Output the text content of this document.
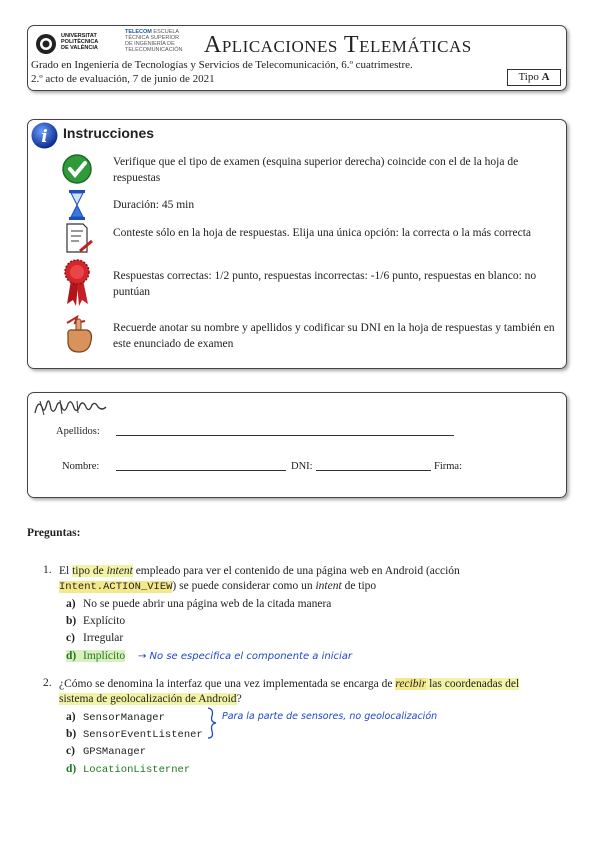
UNIVERSITAT
POLITÈCNICA
DE VALÈNCIA
TELECOM ESCUELA
TÉCNICA SUPERIOR
DE INGENIERÍA DE
TELECOMUNICACIÓN Aplicaciones Telemáticas
Grado en Ingeniería de Tecnologías y Servicios de Telecomunicación, 6.º cuatrimestre.
2.º acto de evaluación, 7 de junio de 2021	Tipo A
i Instrucciones
Verifique que el tipo de examen (esquina superior derecha) coincide con el de la hoja de respuestas
Duración: 45 min
Conteste sólo en la hoja de respuestas. Elija una única opción: la correcta o la más correcta
Respuestas correctas: 1/2 punto, respuestas incorrectas: -1/6 punto, respuestas en blanco: no puntúan
Recuerde anotar su nombre y apellidos y codificar su DNI en la hoja de respuestas y también en este enunciado de examen
Apellidos:
Nombre:	DNI:	Firma:
Preguntas:
1. El tipo de intent empleado para ver el contenido de una página web en Android (acción
Intent.ACTION_VIEW) se puede considerar como un intent de tipo
a) No se puede abrir una página web de la citada manera
b) Explícito
c) Irregular
d) Implícito → No se especifica el componente a iniciar
2. ¿Cómo se denomina la interfaz que una vez implementada se encarga de recibir las coordenadas del
sistema de geolocalización de Android?
a) SensorManager
b) SensorEventListener
c) GPSManager
d) LocationListerner
Para la parte de sensores, no geolocalización
